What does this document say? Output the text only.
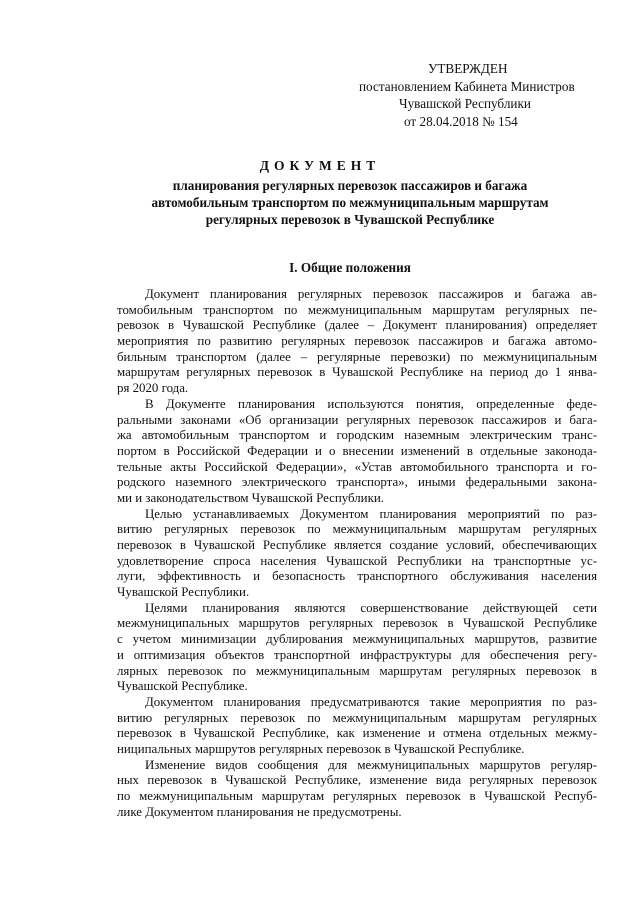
УТВЕРЖДЕН
постановлением Кабинета Министров
Чувашской Республики
от 28.04.2018 № 154
ДОКУМЕНТ
планирования регулярных перевозок пассажиров и багажа
автомобильным транспортом по межмуниципальным маршрутам
регулярных перевозок в Чувашской Республике
I. Общие положения
Документ планирования регулярных перевозок пассажиров и багажа ав-
томобильным транспортом по межмуниципальным маршрутам регулярных пе-
ревозок в Чувашской Республике (далее – Документ планирования) определяет
мероприятия по развитию регулярных перевозок пассажиров и багажа автомо-
бильным транспортом (далее – регулярные перевозки) по межмуниципальным
маршрутам регулярных перевозок в Чувашской Республике на период до 1 янва-
ря 2020 года.
В Документе планирования используются понятия, определенные феде-
ральными законами «Об организации регулярных перевозок пассажиров и бага-
жа автомобильным транспортом и городским наземным электрическим транс-
портом в Российской Федерации и о внесении изменений в отдельные законода-
тельные акты Российской Федерации», «Устав автомобильного транспорта и го-
родского наземного электрического транспорта», иными федеральными закона-
ми и законодательством Чувашской Республики.
Целью устанавливаемых Документом планирования мероприятий по раз-
витию регулярных перевозок по межмуниципальным маршрутам регулярных
перевозок в Чувашской Республике является создание условий, обеспечивающих
удовлетворение спроса населения Чувашской Республики на транспортные ус-
луги, эффективность и безопасность транспортного обслуживания населения
Чувашской Республики.
Целями планирования являются совершенствование действующей сети
межмуниципальных маршрутов регулярных перевозок в Чувашской Республике
с учетом минимизации дублирования межмуниципальных маршрутов, развитие
и оптимизация объектов транспортной инфраструктуры для обеспечения регу-
лярных перевозок по межмуниципальным маршрутам регулярных перевозок в
Чувашской Республике.
Документом планирования предусматриваются такие мероприятия по раз-
витию регулярных перевозок по межмуниципальным маршрутам регулярных
перевозок в Чувашской Республике, как изменение и отмена отдельных межму-
ниципальных маршрутов регулярных перевозок в Чувашской Республике.
Изменение видов сообщения для межмуниципальных маршрутов регуляр-
ных перевозок в Чувашской Республике, изменение вида регулярных перевозок
по межмуниципальным маршрутам регулярных перевозок в Чувашской Респуб-
лике Документом планирования не предусмотрены.
